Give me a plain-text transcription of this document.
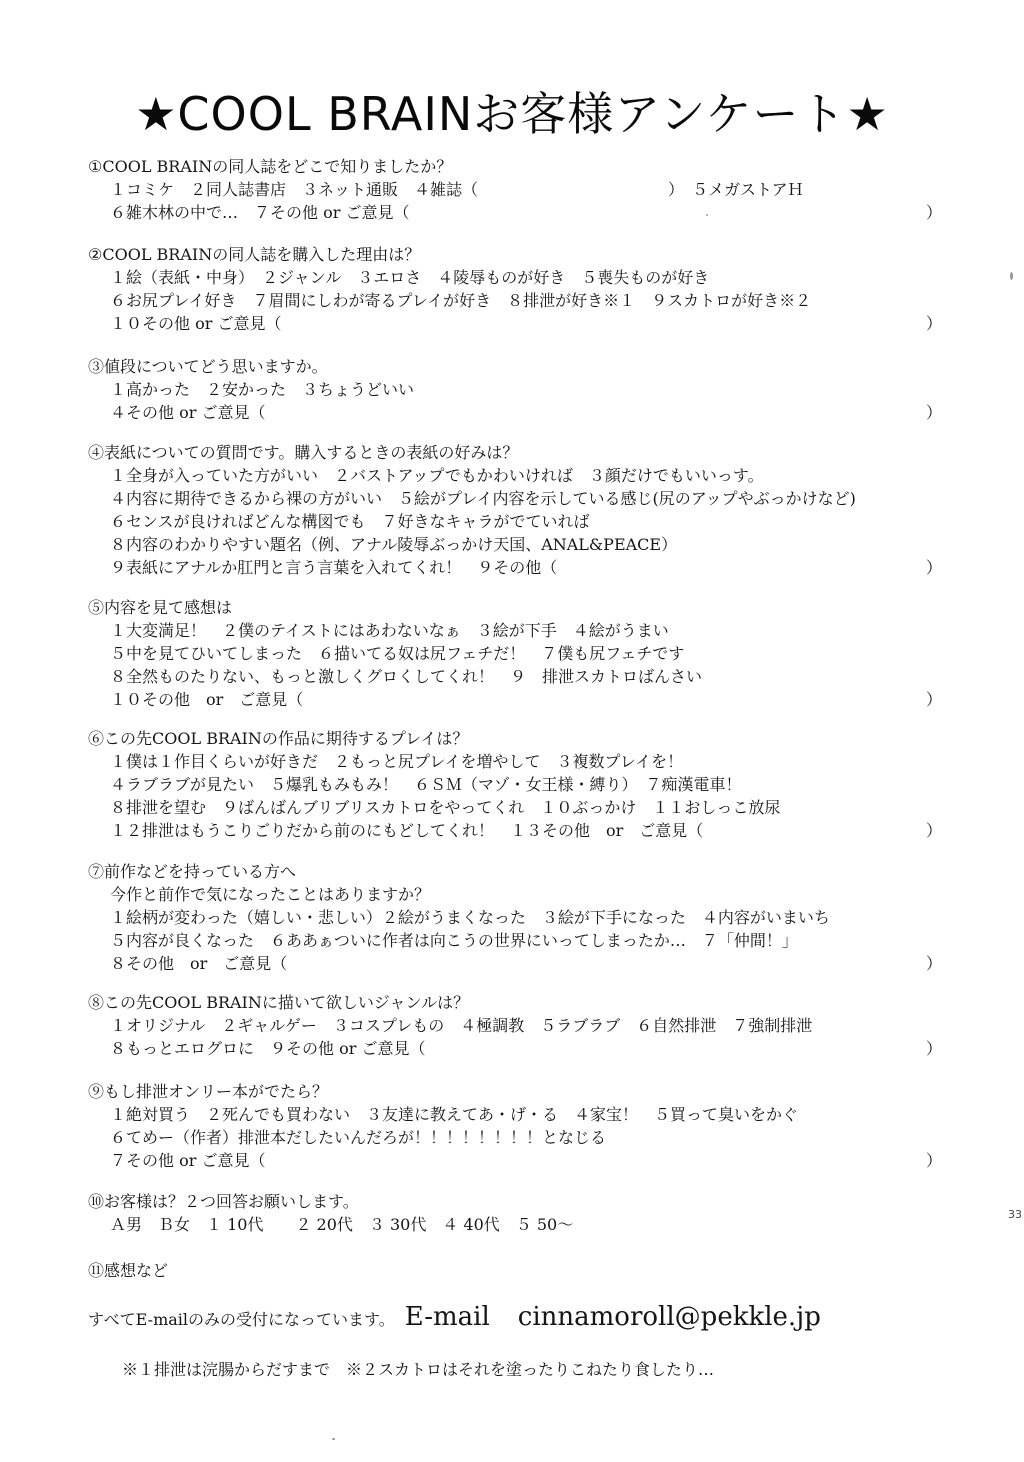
★COOL BRAINお客様アンケート★
①COOL BRAINの同人誌をどこで知りましたか？
１コミケ　２同人誌書店　３ネット通販　４雑誌（	）　５メガストアＨ
６雑木林の中で…　７その他 or ご意見（	）
②COOL BRAINの同人誌を購入した理由は？
１絵（表紙・中身）　２ジャンル　３エロさ　４陵辱ものが好き　５喪失ものが好き
６お尻プレイ好き　７眉間にしわが寄るプレイが好き　８排泄が好き※１　９スカトロが好き※２
１０その他 or ご意見（	）
③値段についてどう思いますか。
１高かった　２安かった　３ちょうどいい
４その他 or ご意見（	）
④表紙についての質問です。購入するときの表紙の好みは？
１全身が入っていた方がいい　２バストアップでもかわいければ　３顔だけでもいいっす。
４内容に期待できるから裸の方がいい　５絵がプレイ内容を示している感じ(尻のアップやぶっかけなど)
６センスが良ければどんな構図でも　７好きなキャラがでていれば
８内容のわかりやすい題名（例、アナル陵辱ぶっかけ天国、ANAL&PEACE）
９表紙にアナルか肛門と言う言葉を入れてくれ！　９その他（	）
⑤内容を見て感想は
１大変満足！　２僕のテイストにはあわないなぁ　３絵が下手　４絵がうまい
５中を見てひいてしまった　６描いてる奴は尻フェチだ！　７僕も尻フェチです
８全然ものたりない、もっと激しくグロくしてくれ！　９　排泄スカトロばんさい
１０その他　or　ご意見（	）
⑥この先COOL BRAINの作品に期待するプレイは？
１僕は１作目くらいが好きだ　２もっと尻プレイを増やして　３複数プレイを！
４ラブラブが見たい　５爆乳もみもみ！　６ＳＭ（マゾ・女王様・縛り）　７痴漢電車！
８排泄を望む　９ばんばんブリブリスカトロをやってくれ　１０ぶっかけ　１１おしっこ放尿
１２排泄はもうこりごりだから前のにもどしてくれ！　１３その他　or　ご意見（	）
⑦前作などを持っている方へ
今作と前作で気になったことはありますか？
１絵柄が変わった（嬉しい・悲しい）２絵がうまくなった　３絵が下手になった　４内容がいまいち
５内容が良くなった　６ああぁついに作者は向こうの世界にいってしまったか…　７「仲間！」
８その他　or　ご意見（	）
⑧この先COOL BRAINに描いて欲しいジャンルは？
１オリジナル　２ギャルゲー　３コスプレもの　４極調教　５ラブラブ　６自然排泄　７強制排泄
８もっとエログロに　９その他 or ご意見（	）
⑨もし排泄オンリー本がでたら？
１絶対買う　２死んでも買わない　３友達に教えてあ・げ・る　４家宝！　５買って臭いをかぐ
６てめー（作者）排泄本だしたいんだろが！！！！！！！！となじる
７その他 or ご意見（	）
⑩お客様は？２つ回答お願いします。
Ａ男　Ｂ女　１ 10代　　２ 20代　３ 30代　４ 40代　５ 50～
⑪感想など
すべてE-mailのみの受付になっています。 E-mail cinnamoroll@pekkle.jp
※１排泄は浣腸からだすまで　※２スカトロはそれを塗ったりこねたり食したり…
33
